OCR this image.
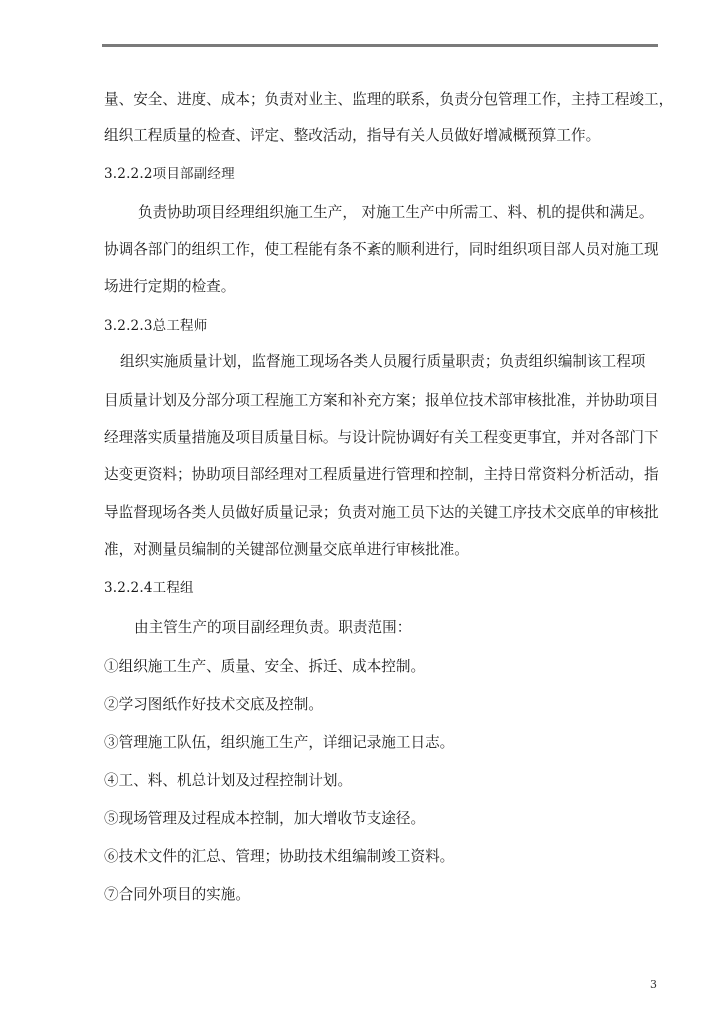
量、安全、进度、成本；负责对业主、监理的联系，负责分包管理工作，主持工程竣工，
组织工程质量的检查、评定、整改活动，指导有关人员做好增减概预算工作。
3.2.2.2项目部副经理
负责协助项目经理组织施工生产， 对施工生产中所需工、料、机的提供和满足。
协调各部门的组织工作，使工程能有条不紊的顺利进行，同时组织项目部人员对施工现
场进行定期的检查。
3.2.2.3总工程师
组织实施质量计划，监督施工现场各类人员履行质量职责；负责组织编制该工程项
目质量计划及分部分项工程施工方案和补充方案；报单位技术部审核批准，并协助项目
经理落实质量措施及项目质量目标。与设计院协调好有关工程变更事宜，并对各部门下
达变更资料；协助项目部经理对工程质量进行管理和控制，主持日常资料分析活动，指
导监督现场各类人员做好质量记录；负责对施工员下达的关键工序技术交底单的审核批
准，对测量员编制的关键部位测量交底单进行审核批准。
3.2.2.4工程组
由主管生产的项目副经理负责。职责范围：
①组织施工生产、质量、安全、拆迁、成本控制。
②学习图纸作好技术交底及控制。
③管理施工队伍，组织施工生产，详细记录施工日志。
④工、料、机总计划及过程控制计划。
⑤现场管理及过程成本控制，加大增收节支途径。
⑥技术文件的汇总、管理；协助技术组编制竣工资料。
⑦合同外项目的实施。
3
